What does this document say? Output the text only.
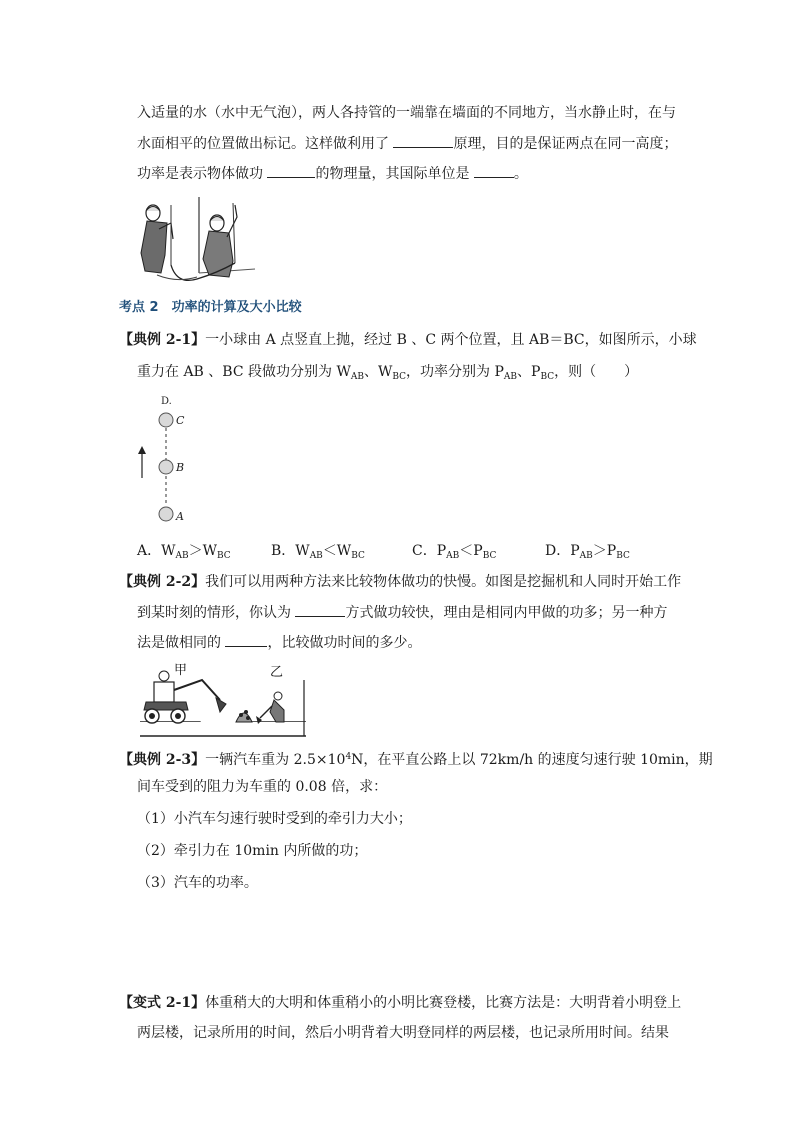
入适量的水（水中无气泡），两人各持管的一端靠在墙面的不同地方，当水静止时，在与
水面相平的位置做出标记。这样做利用了	原理，目的是保证两点在同一高度；
功率是表示物体做功	的物理量，其国际单位是	。
考点 2　功率的计算及大小比较
【典例 2-1】一小球由 A 点竖直上抛，经过 B 、C 两个位置，且 AB＝BC，如图所示，小球
重力在 AB 、BC 段做功分别为 $W_{AB}$、$W_{BC}$，功率分别为 $P_{AB}$、$P_{BC}$，则（　　）
D.
C
B
A
A．$W_{AB}>W_{BC}$	B．$W_{AB}<W_{BC}$	C．$P_{AB}<P_{BC}$	D．$P_{AB}>P_{BC}$
【典例 2-2】我们可以用两种方法来比较物体做功的快慢。如图是挖掘机和人同时开始工作
到某时刻的情形，你认为	方式做功较快，理由是相同内甲做的功多；另一种方
法是做相同的	，比较做功时间的多少。
甲	乙
【典例 2-3】一辆汽车重为 $2.5\times 10^4N$，在平直公路上以 72km/h 的速度匀速行驶 10min，期
间车受到的阻力为车重的 0.08 倍，求：
（1）小汽车匀速行驶时受到的牵引力大小；
（2）牵引力在 10min 内所做的功；
（3）汽车的功率。
【变式 2-1】体重稍大的大明和体重稍小的小明比赛登楼，比赛方法是：大明背着小明登上
两层楼，记录所用的时间，然后小明背着大明登同样的两层楼，也记录所用时间。结果
